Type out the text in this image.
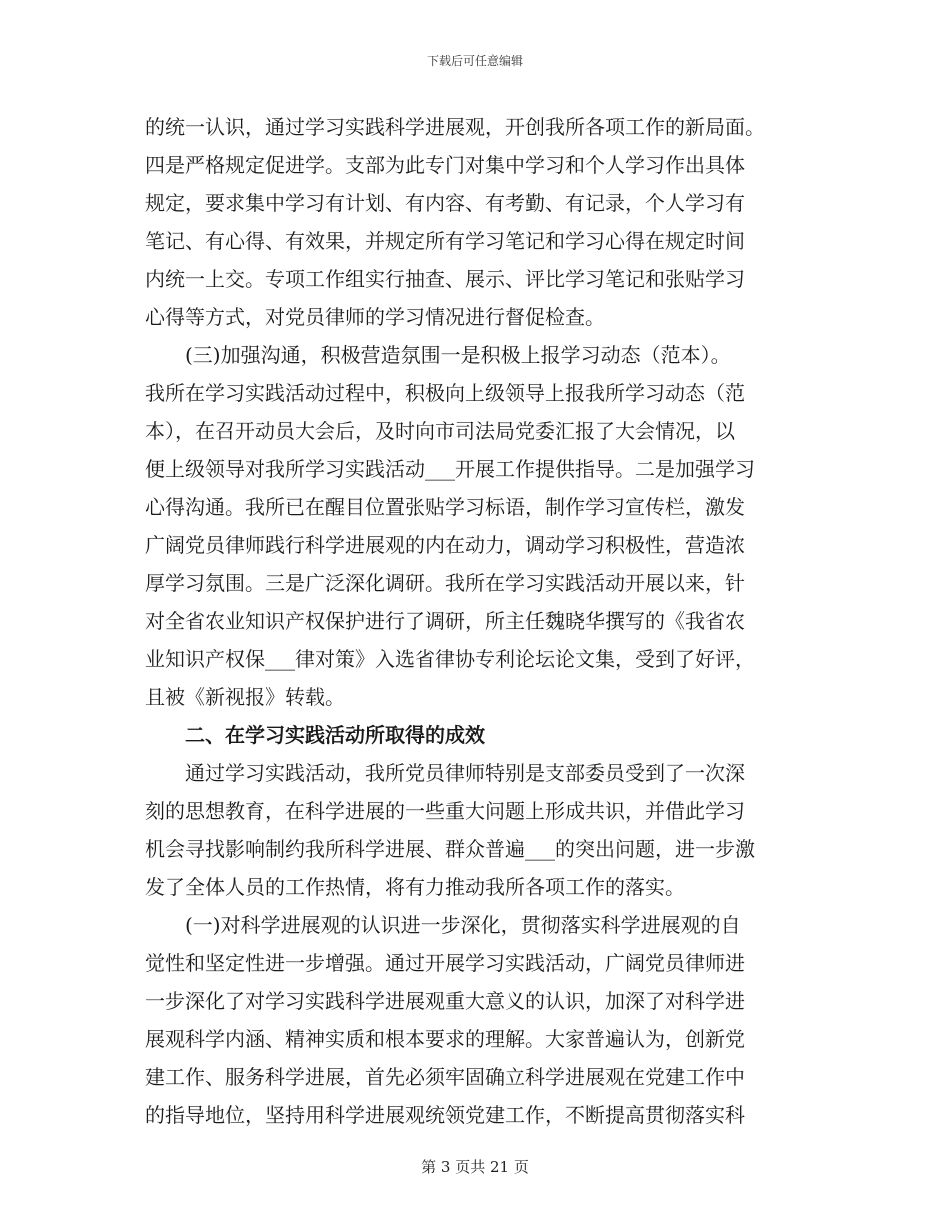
下载后可任意编辑
的统一认识，通过学习实践科学进展观，开创我所各项工作的新局面。
四是严格规定促进学。支部为此专门对集中学习和个人学习作出具体
规定，要求集中学习有计划、有内容、有考勤、有记录，个人学习有
笔记、有心得、有效果，并规定所有学习笔记和学习心得在规定时间
内统一上交。专项工作组实行抽查、展示、评比学习笔记和张贴学习
心得等方式，对党员律师的学习情况进行督促检查。
　　(三)加强沟通，积极营造氛围一是积极上报学习动态（范本）。
我所在学习实践活动过程中，积极向上级领导上报我所学习动态（范
本），在召开动员大会后，及时向市司法局党委汇报了大会情况，以
便上级领导对我所学习实践活动___开展工作提供指导。二是加强学习
心得沟通。我所已在醒目位置张贴学习标语，制作学习宣传栏，激发
广阔党员律师践行科学进展观的内在动力，调动学习积极性，营造浓
厚学习氛围。三是广泛深化调研。我所在学习实践活动开展以来，针
对全省农业知识产权保护进行了调研，所主任魏晓华撰写的《我省农
业知识产权保___律对策》入选省律协专利论坛论文集，受到了好评，
且被《新视报》转载。
　　二、在学习实践活动所取得的成效
　　通过学习实践活动，我所党员律师特别是支部委员受到了一次深
刻的思想教育，在科学进展的一些重大问题上形成共识，并借此学习
机会寻找影响制约我所科学进展、群众普遍___的突出问题，进一步激
发了全体人员的工作热情，将有力推动我所各项工作的落实。
　　(一)对科学进展观的认识进一步深化，贯彻落实科学进展观的自
觉性和坚定性进一步增强。通过开展学习实践活动，广阔党员律师进
一步深化了对学习实践科学进展观重大意义的认识，加深了对科学进
展观科学内涵、精神实质和根本要求的理解。大家普遍认为，创新党
建工作、服务科学进展，首先必须牢固确立科学进展观在党建工作中
的指导地位，坚持用科学进展观统领党建工作，不断提高贯彻落实科
第 3 页共 21 页
